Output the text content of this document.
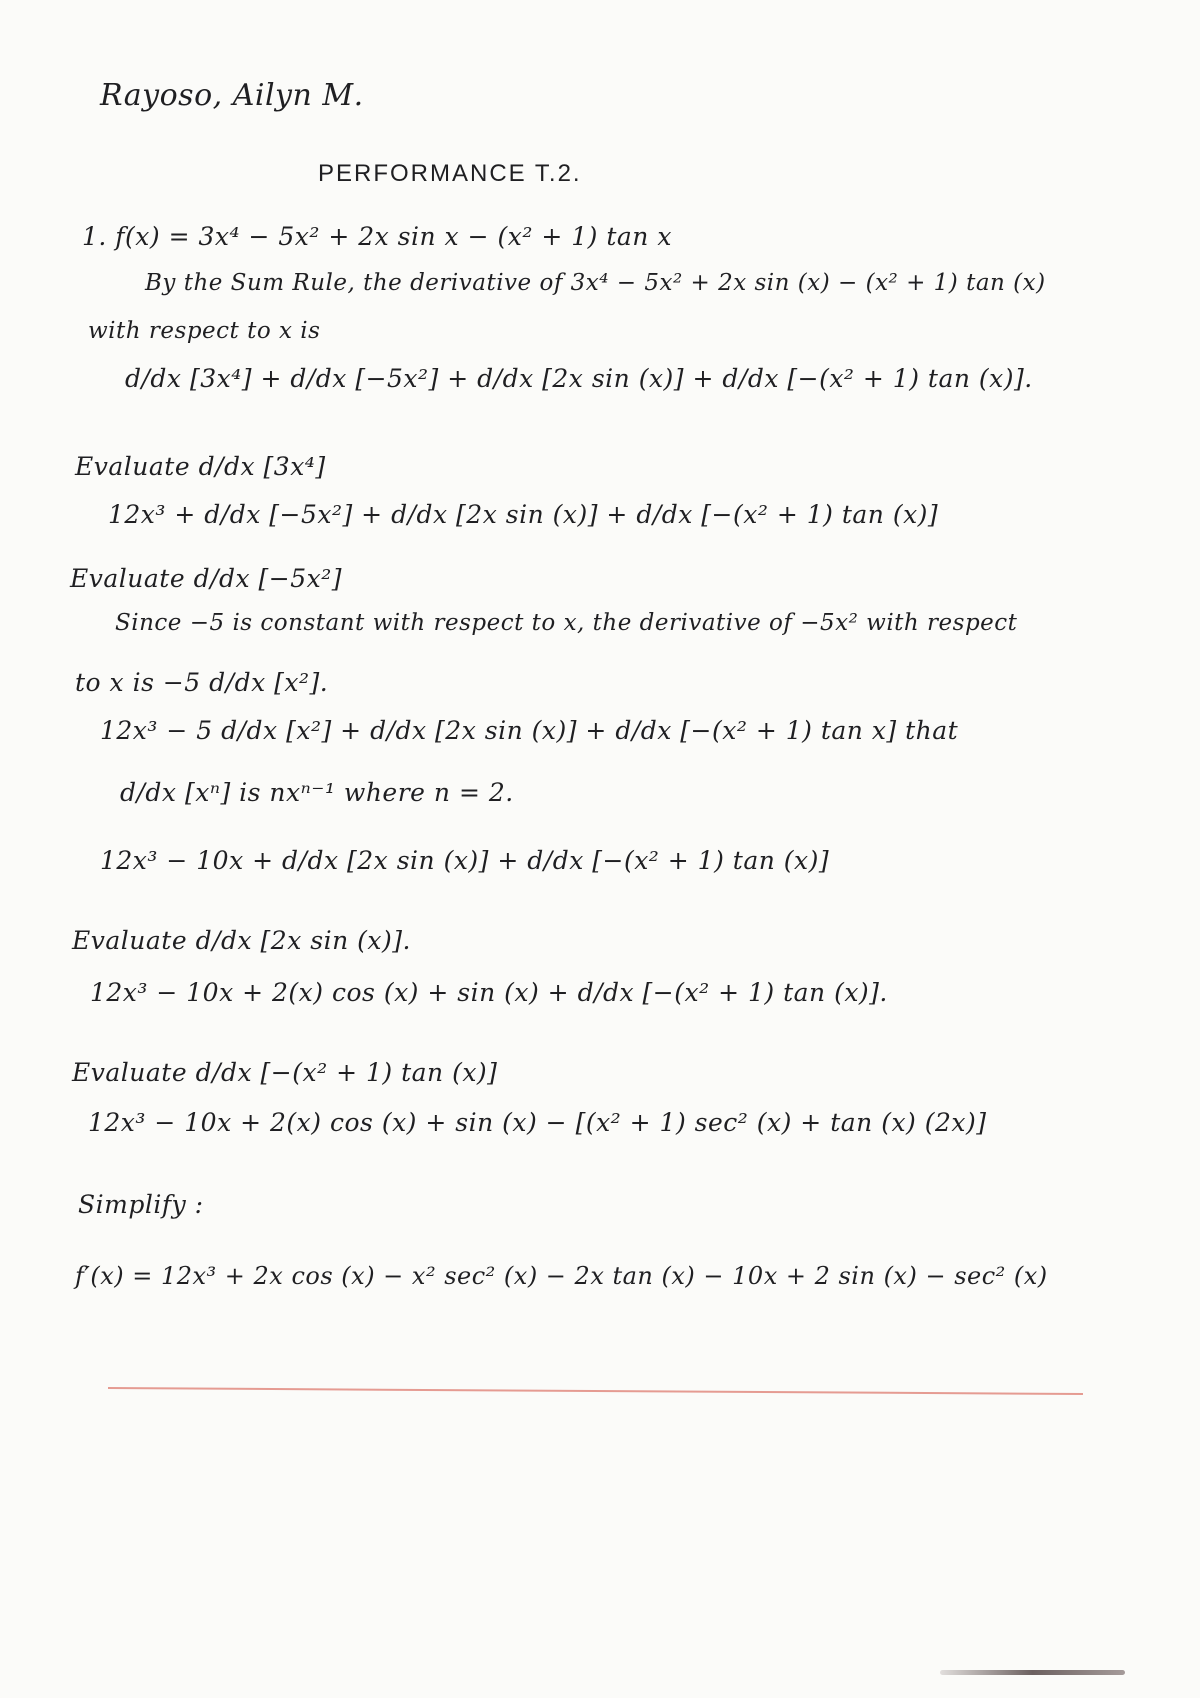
Rayoso, Ailyn M.
PERFORMANCE T.2.
1. f(x) = 3x⁴ − 5x² + 2x sin x − (x² + 1) tan x
By the Sum Rule, the derivative of 3x⁴ − 5x² + 2x sin (x) − (x² + 1) tan (x)
with respect to x is
d/dx [3x⁴] + d/dx [−5x²] + d/dx [2x sin (x)] + d/dx [−(x² + 1) tan (x)].
Evaluate d/dx [3x⁴]
12x³ + d/dx [−5x²] + d/dx [2x sin (x)] + d/dx [−(x² + 1) tan (x)]
Evaluate d/dx [−5x²]
Since −5 is constant with respect to x, the derivative of −5x² with respect
to x is −5 d/dx [x²].
12x³ − 5 d/dx [x²] + d/dx [2x sin (x)] + d/dx [−(x² + 1) tan x] that
d/dx [xⁿ] is nxⁿ⁻¹ where n = 2.
12x³ − 10x + d/dx [2x sin (x)] + d/dx [−(x² + 1) tan (x)]
Evaluate d/dx [2x sin (x)].
12x³ − 10x + 2(x) cos (x) + sin (x) + d/dx [−(x² + 1) tan (x)].
Evaluate d/dx [−(x² + 1) tan (x)]
12x³ − 10x + 2(x) cos (x) + sin (x) − [(x² + 1) sec² (x) + tan (x) (2x)]
Simplify :
f′(x) = 12x³ + 2x cos (x) − x² sec² (x) − 2x tan (x) − 10x + 2 sin (x) − sec² (x)
